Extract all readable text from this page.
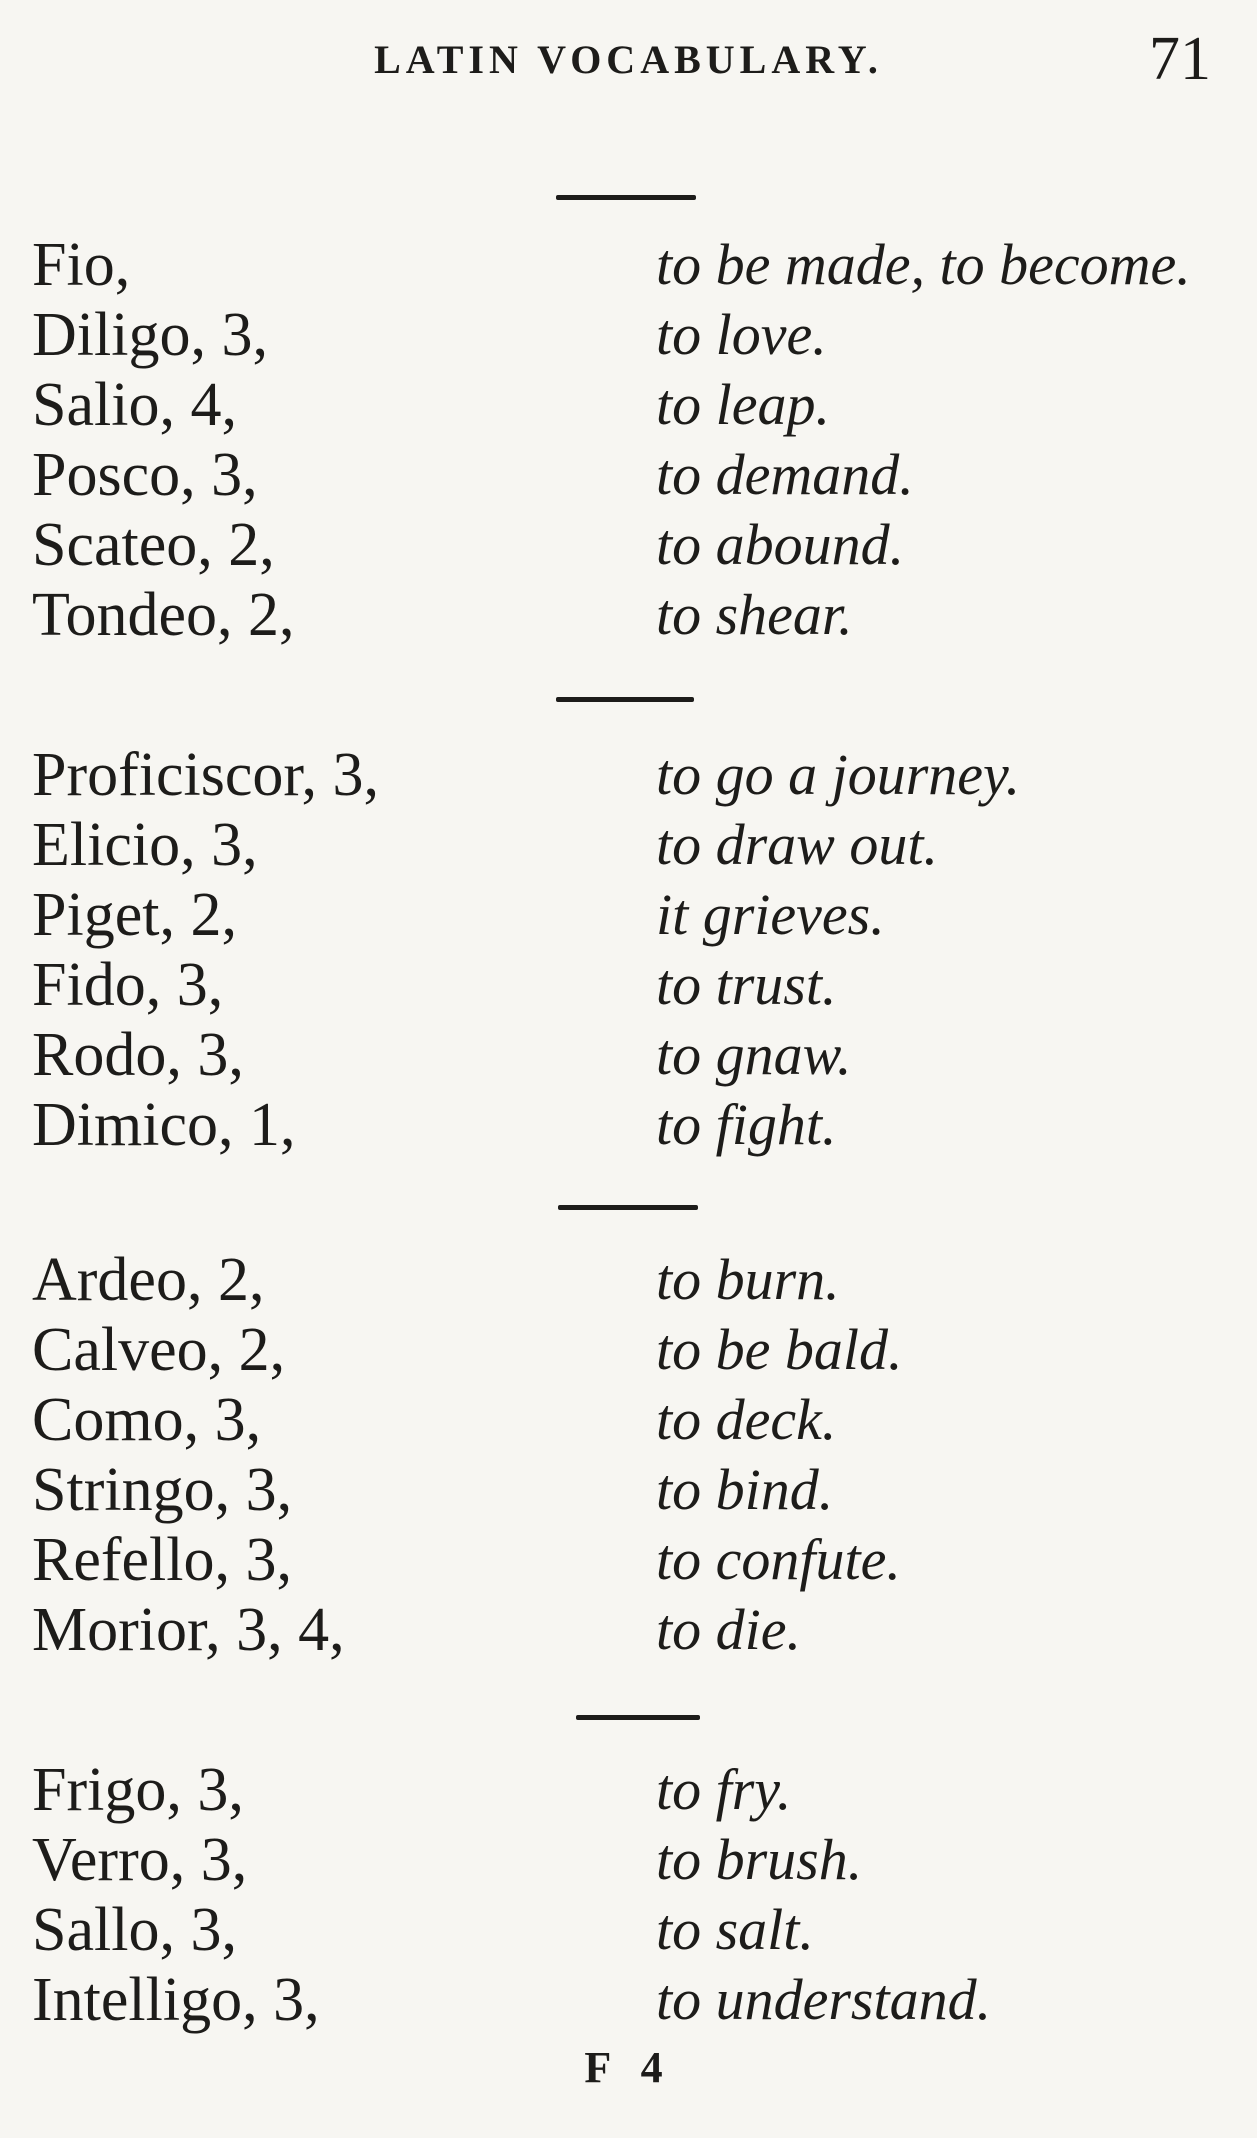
LATIN VOCABULARY.	71
Fio,	to be made, to become.
Diligo, 3,	to love.
Salio, 4,	to leap.
Posco, 3,	to demand.
Scateo, 2,	to abound.
Tondeo, 2,	to shear.
Proficiscor, 3,	to go a journey.
Elicio, 3,	to draw out.
Piget, 2,	it grieves.
Fido, 3,	to trust.
Rodo, 3,	to gnaw.
Dimico, 1,	to fight.
Ardeo, 2,	to burn.
Calveo, 2,	to be bald.
Como, 3,	to deck.
Stringo, 3,	to bind.
Refello, 3,	to confute.
Morior, 3, 4,	to die.
Frigo, 3,	to fry.
Verro, 3,	to brush.
Sallo, 3,	to salt.
Intelligo, 3,	to understand.
F 4
